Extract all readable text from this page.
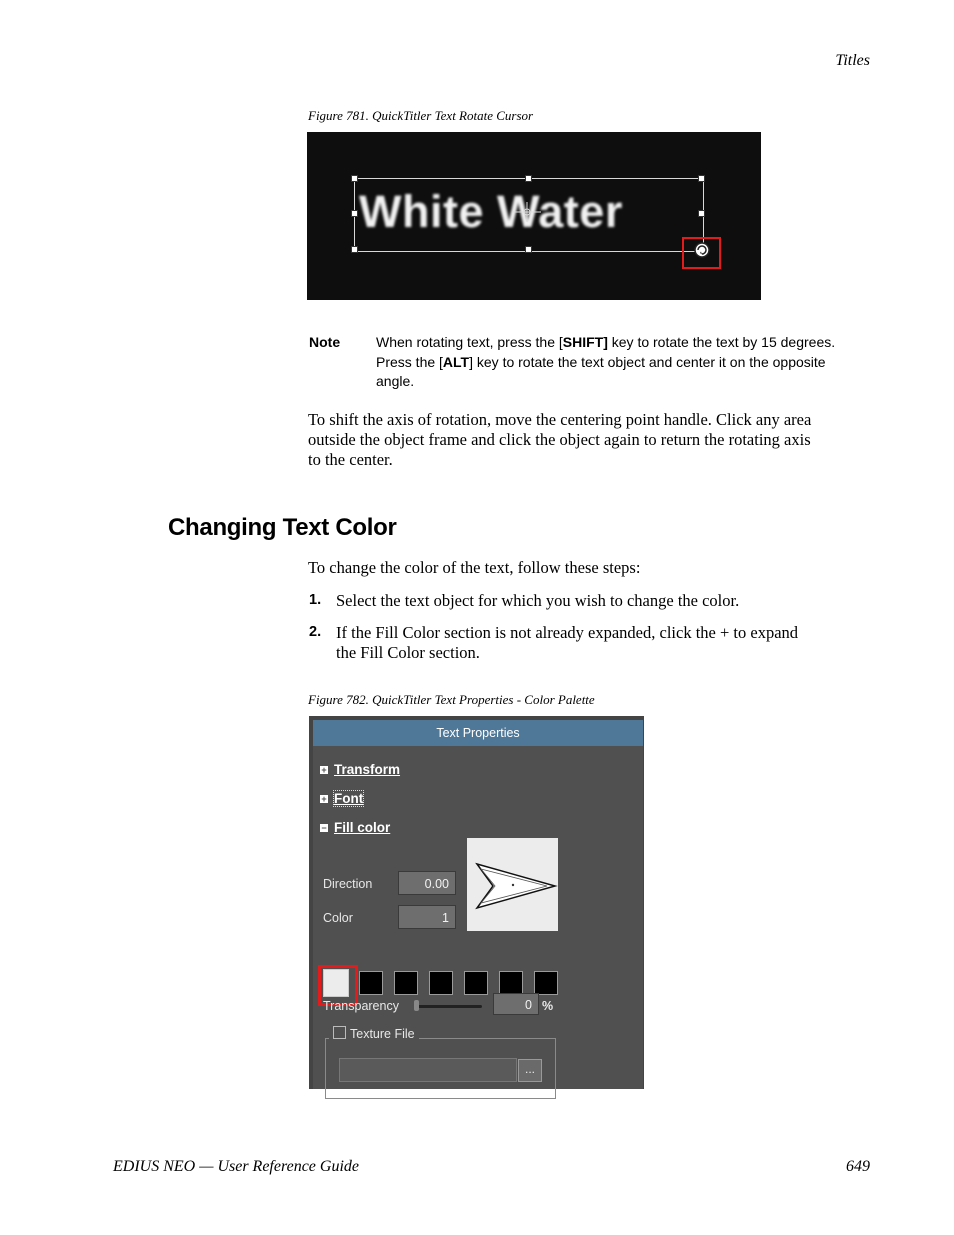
Titles
Figure 781. QuickTitler Text Rotate Cursor
White Water
Note	When rotating text, press the [SHIFT] key to rotate the text by 15 degrees.
Press the [ALT] key to rotate the text object and center it on the opposite
angle.
To shift the axis of rotation, move the centering point handle. Click any area
outside the object frame and click the object again to return the rotating axis
to the center.
Changing Text Color
To change the color of the text, follow these steps:
1. Select the text object for which you wish to change the color.
2. If the Fill Color section is not already expanded, click the + to expand
the Fill Color section.
Figure 782. QuickTitler Text Properties - Color Palette
Text Properties
+ Transform
+ Font
− Fill color
Direction	0.00
Color	1
Transparency	0 %
Texture File
...
EDIUS NEO — User Reference Guide	649
